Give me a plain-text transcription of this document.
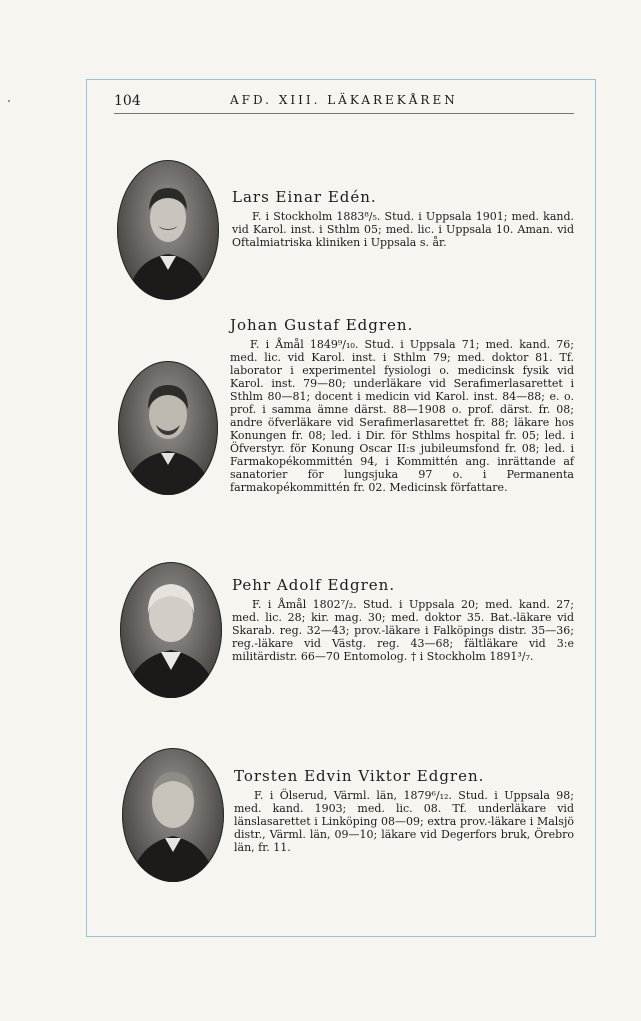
104	AFD. XIII. LÄKAREKÅREN
Lars Einar Edén.
F. i Stockholm 1883⁸/₅. Stud. i Uppsala 1901; med. kand. vid Karol. inst. i Sthlm 05; med. lic. i Uppsala 10. Aman. vid Oftalmiatriska kliniken i Uppsala s. år.
Johan Gustaf Edgren.
F. i Åmål 1849⁹/₁₀. Stud. i Uppsala 71; med. kand. 76; med. lic. vid Karol. inst. i Sthlm 79; med. doktor 81. Tf. laborator i experimentel fysiologi o. medicinsk fysik vid Karol. inst. 79—80; underläkare vid Serafimerlasarettet i Sthlm 80—81; docent i medicin vid Karol. inst. 84—88; e. o. prof. i samma ämne därst. 88—1908 o. prof. därst. fr. 08; andre öfverläkare vid Serafimerlasarettet fr. 88; läkare hos Konungen fr. 08; led. i Dir. för Sthlms hospital fr. 05; led. i Öfverstyr. för Konung Oscar II:s jubileumsfond fr. 08; led. i Farmakopékommittén 94, i Kommittén ang. inrättande af sanatorier för lungsjuka 97 o. i Permanenta farmakopékommittén fr. 02. Medicinsk författare.
Pehr Adolf Edgren.
F. i Åmål 1802⁷/₂. Stud. i Uppsala 20; med. kand. 27; med. lic. 28; kir. mag. 30; med. doktor 35. Bat.-läkare vid Skarab. reg. 32—43; prov.-läkare i Falköpings distr. 35—36; reg.-läkare vid Västg. reg. 43—68; fältläkare vid 3:e militärdistr. 66—70 Entomolog. † i Stockholm 1891³/₇.
Torsten Edvin Viktor Edgren.
F. i Ölserud, Värml. län, 1879⁶/₁₂. Stud. i Uppsala 98; med. kand. 1903; med. lic. 08. Tf. underläkare vid länslasarettet i Linköping 08—09; extra prov.-läkare i Malsjö distr., Värml. län, 09—10; läkare vid Degerfors bruk, Örebro län, fr. 11.
